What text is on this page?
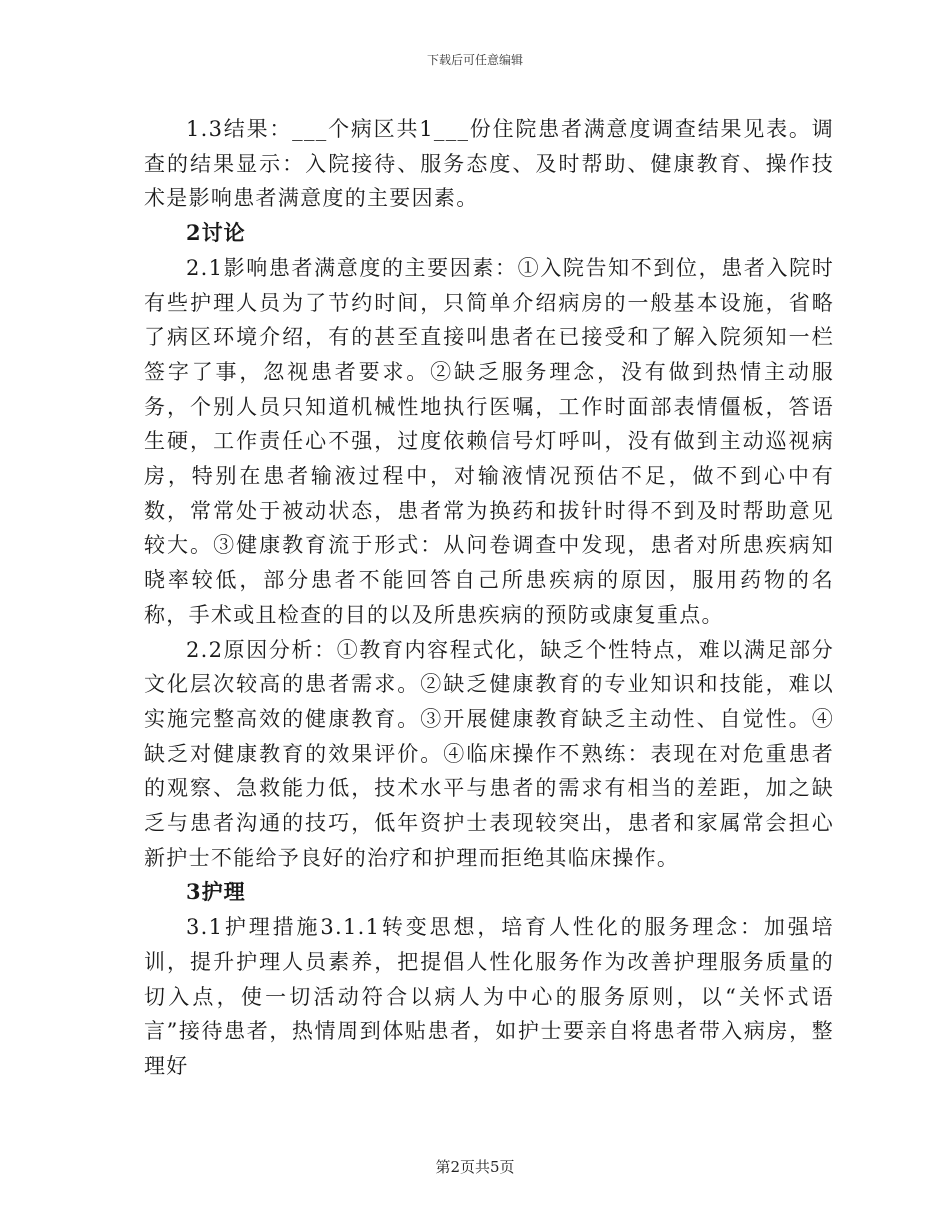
下载后可任意编辑

1.3结果：___个病区共1___份住院患者满意度调查结果见表。调查的结果显示：入院接待、服务态度、及时帮助、健康教育、操作技术是影响患者满意度的主要因素。

2讨论

2.1影响患者满意度的主要因素：①入院告知不到位，患者入院时有些护理人员为了节约时间，只简单介绍病房的一般基本设施，省略了病区环境介绍，有的甚至直接叫患者在已接受和了解入院须知一栏签字了事，忽视患者要求。②缺乏服务理念，没有做到热情主动服务，个别人员只知道机械性地执行医嘱，工作时面部表情僵板，答语生硬，工作责任心不强，过度依赖信号灯呼叫，没有做到主动巡视病房，特别在患者输液过程中，对输液情况预估不足，做不到心中有数，常常处于被动状态，患者常为换药和拔针时得不到及时帮助意见较大。③健康教育流于形式：从问卷调查中发现，患者对所患疾病知晓率较低，部分患者不能回答自己所患疾病的原因，服用药物的名称，手术或且检查的目的以及所患疾病的预防或康复重点。

2.2原因分析：①教育内容程式化，缺乏个性特点，难以满足部分文化层次较高的患者需求。②缺乏健康教育的专业知识和技能，难以实施完整高效的健康教育。③开展健康教育缺乏主动性、自觉性。④缺乏对健康教育的效果评价。④临床操作不熟练：表现在对危重患者的观察、急救能力低，技术水平与患者的需求有相当的差距，加之缺乏与患者沟通的技巧，低年资护士表现较突出，患者和家属常会担心新护士不能给予良好的治疗和护理而拒绝其临床操作。

3护理

3.1护理措施3.1.1转变思想，培育人性化的服务理念：加强培训，提升护理人员素养，把提倡人性化服务作为改善护理服务质量的切入点，使一切活动符合以病人为中心的服务原则，以“关怀式语言”接待患者，热情周到体贴患者，如护士要亲自将患者带入病房，整理好

第2页共5页
